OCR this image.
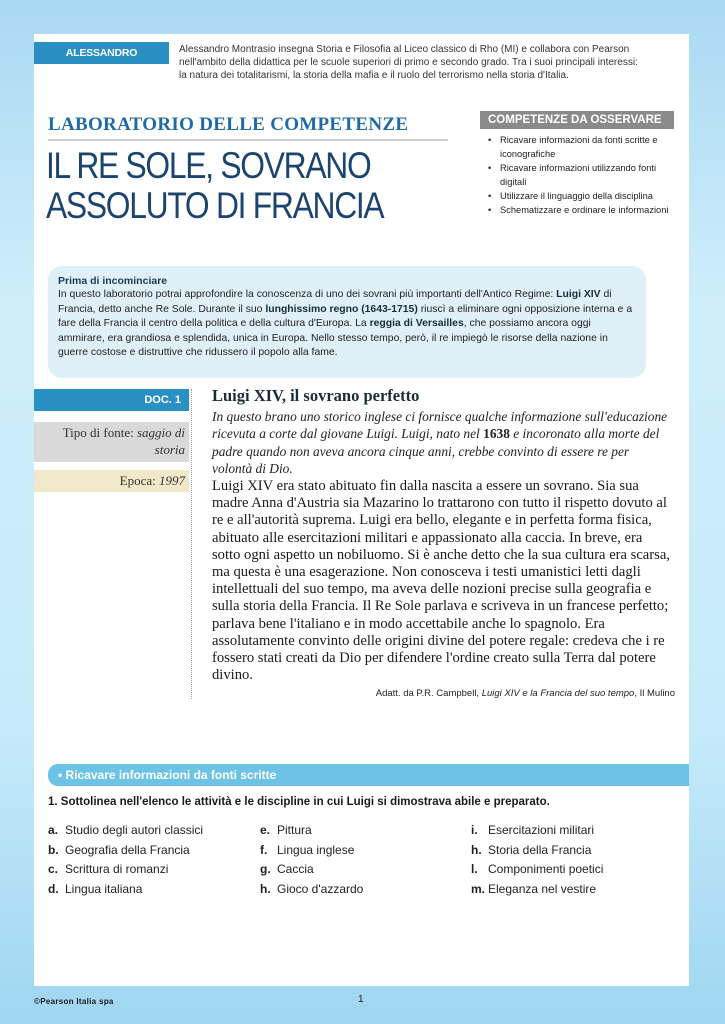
ALESSANDRO MONTRASIO
Alessandro Montrasio insegna Storia e Filosofia al Liceo classico di Rho (MI) e collabora con Pearson
nell'ambito della didattica per le scuole superiori di primo e secondo grado. Tra i suoi principali interessi:
la natura dei totalitarismi, la storia della mafia e il ruolo del terrorismo nella storia d'Italia.
LABORATORIO DELLE COMPETENZE
IL RE SOLE, SOVRANO
ASSOLUTO DI FRANCIA
COMPETENZE DA OSSERVARE
• Ricavare informazioni da fonti scritte e iconografiche
• Ricavare informazioni utilizzando fonti digitali
• Utilizzare il linguaggio della disciplina
• Schematizzare e ordinare le informazioni
Prima di incominciare
In questo laboratorio potrai approfondire la conoscenza di uno dei sovrani più importanti dell'Antico Regime: Luigi XIV di Francia, detto anche Re Sole. Durante il suo lunghissimo regno (1643-1715) riuscì a eliminare ogni opposizione interna e a fare della Francia il centro della politica e della cultura d'Europa. La reggia di Versailles, che possiamo ancora oggi ammirare, era grandiosa e splendida, unica in Europa. Nello stesso tempo, però, il re impiegò le risorse della nazione in guerre costose e distruttive che ridussero il popolo alla fame.
DOC. 1
Tipo di fonte: saggio di storia
Epoca: 1997
Luigi XIV, il sovrano perfetto
In questo brano uno storico inglese ci fornisce qualche informazione sull'educazione ricevuta a corte dal giovane Luigi. Luigi, nato nel 1638 e incoronato alla morte del padre quando non aveva ancora cinque anni, crebbe convinto di essere re per volontà di Dio.
Luigi XIV era stato abituato fin dalla nascita a essere un sovrano. Sia sua madre Anna d'Austria sia Mazarino lo trattarono con tutto il rispetto dovuto al re e all'autorità suprema. Luigi era bello, elegante e in perfetta forma fisica, abituato alle esercitazioni militari e appassionato alla caccia. In breve, era sotto ogni aspetto un nobiluomo. Si è anche detto che la sua cultura era scarsa, ma questa è una esagerazione. Non conosceva i testi umanistici letti dagli intellettuali del suo tempo, ma aveva delle nozioni precise sulla geografia e sulla storia della Francia. Il Re Sole parlava e scriveva in un francese perfetto; parlava bene l'italiano e in modo accettabile anche lo spagnolo. Era assolutamente convinto delle origini divine del potere regale: credeva che i re fossero stati creati da Dio per difendere l'ordine creato sulla Terra dal potere divino.
Adatt. da P.R. Campbell, Luigi XIV e la Francia del suo tempo, Il Mulino
• Ricavare informazioni da fonti scritte
1. Sottolinea nell'elenco le attività e le discipline in cui Luigi si dimostrava abile e preparato.
a. Studio degli autori classici
b. Geografia della Francia
c. Scrittura di romanzi
d. Lingua italiana
e. Pittura
f. Lingua inglese
g. Caccia
h. Gioco d'azzardo
i. Esercitazioni militari
h. Storia della Francia
l. Componimenti poetici
m. Eleganza nel vestire
©Pearson Italia spa	1
